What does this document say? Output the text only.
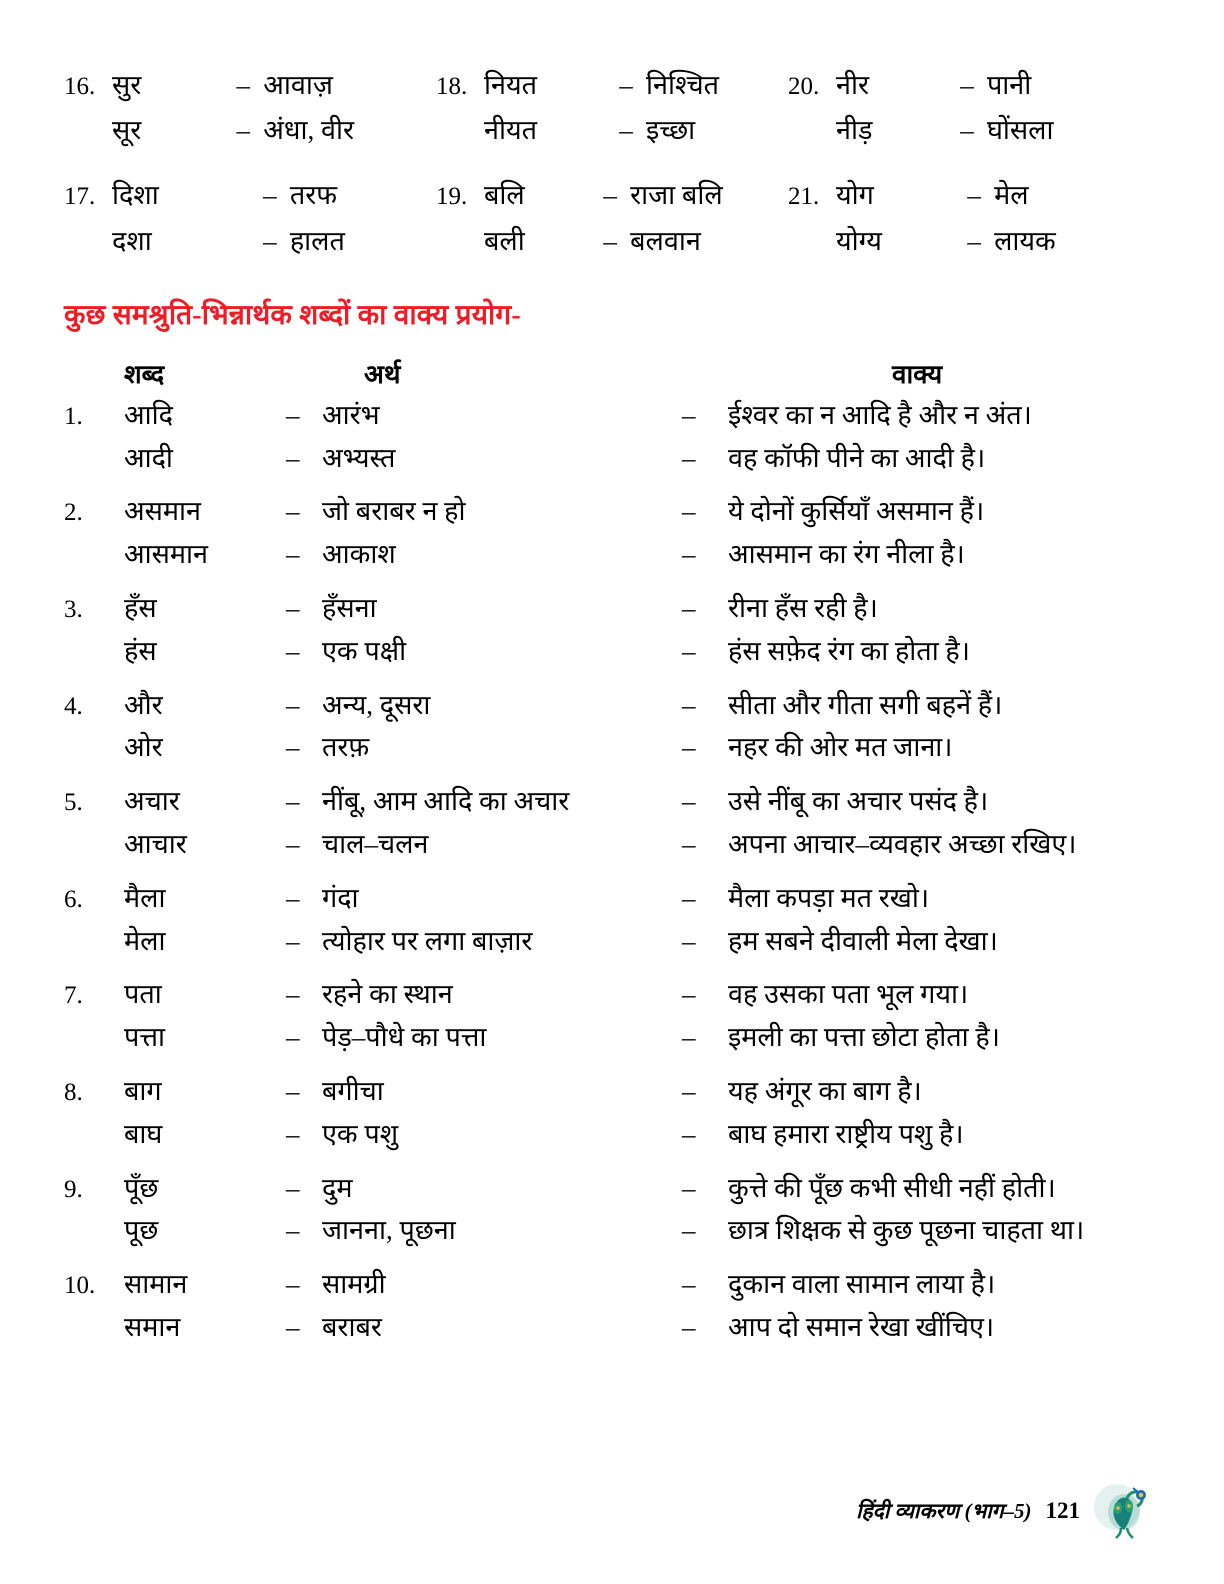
16. सुर	– आवाज़
सूर	– अंधा, वीर
17. दिशा	– तरफ
दशा	– हालत
18. नियत	– निश्चित
नीयत	– इच्छा
19. बलि	– राजा बलि
बली	– बलवान
20. नीर	– पानी
नीड़	– घोंसला
21. योग	– मेल
योग्य	– लायक
कुछ समश्रुति-भिन्नार्थक शब्दों का वाक्य प्रयोग-
शब्द	अर्थ	वाक्य
1.	आदि	– आरंभ	–	ईश्वर का न आदि है और न अंत।
आदी	– अभ्यस्त	–	वह कॉफी पीने का आदी है।
2.	असमान	– जो बराबर न हो	–	ये दोनों कुर्सियाँ असमान हैं।
आसमान	– आकाश	–	आसमान का रंग नीला है।
3.	हँस	– हँसना	–	रीना हँस रही है।
हंस	– एक पक्षी	–	हंस सफ़ेद रंग का होता है।
4.	और	– अन्य, दूसरा	–	सीता और गीता सगी बहनें हैं।
ओर	– तरफ़	–	नहर की ओर मत जाना।
5.	अचार	– नींबू, आम आदि का अचार	–	उसे नींबू का अचार पसंद है।
आचार	– चाल–चलन	–	अपना आचार–व्यवहार अच्छा रखिए।
6.	मैला	– गंदा	–	मैला कपड़ा मत रखो।
मेला	– त्योहार पर लगा बाज़ार	–	हम सबने दीवाली मेला देखा।
7.	पता	– रहने का स्थान	–	वह उसका पता भूल गया।
पत्ता	– पेड़–पौधे का पत्ता	–	इमली का पत्ता छोटा होता है।
8.	बाग	– बगीचा	–	यह अंगूर का बाग है।
बाघ	– एक पशु	–	बाघ हमारा राष्ट्रीय पशु है।
9.	पूँछ	– दुम	–	कुत्ते की पूँछ कभी सीधी नहीं होती।
पूछ	– जानना, पूछना	–	छात्र शिक्षक से कुछ पूछना चाहता था।
10.	सामान	– सामग्री	–	दुकान वाला सामान लाया है।
समान	– बराबर	–	आप दो समान रेखा खींचिए।
हिंदी व्याकरण (भाग–5) 121
